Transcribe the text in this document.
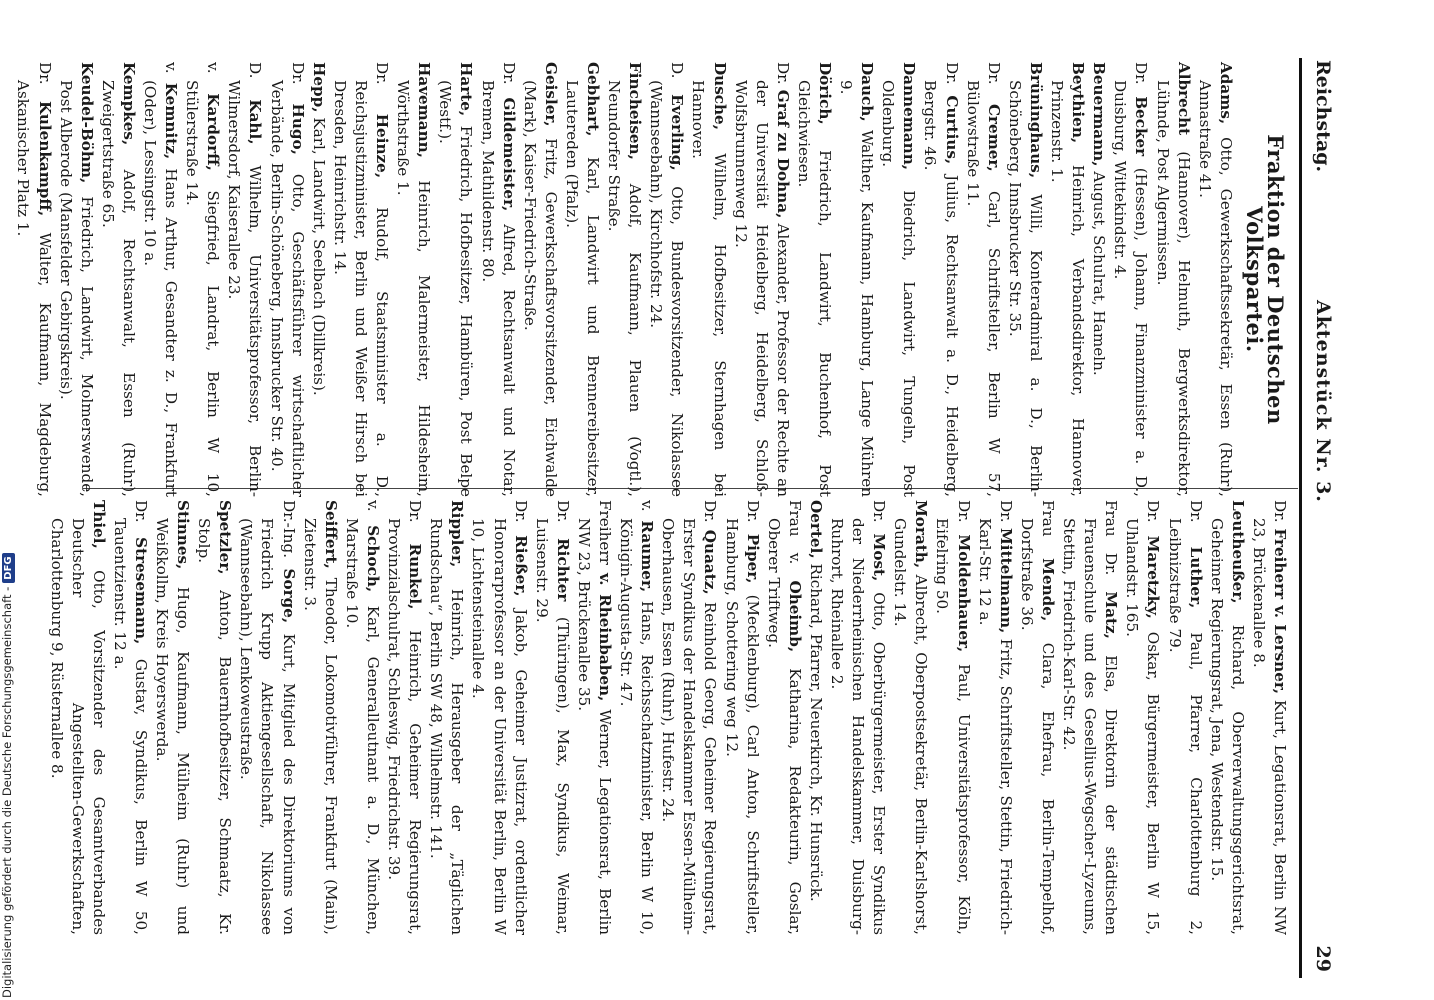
Reichstag.
Aktenstück Nr. 3.
29

Fraktion der Deutschen Volkspartei.

Adams, Otto, Gewerkschaftssekretär, Essen (Ruhr), Annastraße 41.

Albrecht (Hannover), Helmuth, Bergwerksdirektor, Lühnde, Post Algermissen.

Dr. Becker (Hessen), Johann, Finanzminister a. D., Duisburg, Wittekindstr. 4.

Beuermann, August, Schulrat, Hameln.

Beythien, Heinrich, Verbandsdirektor, Hannover, Prinzenstr. 1.

Brüninghaus, Willi, Konteradmiral a. D., Berlin-Schöneberg, Innsbrucker Str. 35.

Dr. Cremer, Carl, Schriftsteller, Berlin W 57, Bülowstraße 11.

Dr. Curtius, Julius, Rechtsanwalt a. D., Heidelberg, Bergstr. 46.

Dannemann, Diedrich, Landwirt, Tungeln, Post Oldenburg.

Dauch, Walther, Kaufmann, Hamburg, Lange Mühren 9.

Dörich, Friedrich, Landwirt, Buchenhof, Post Gleichwiesen.

Dr. Graf zu Dohna, Alexander, Professor der Rechte an der Universität Heidelberg, Heidelberg, Schloß-Wolfsbrunnenweg 12.

Dusche, Wilhelm, Hofbesitzer, Sternhagen bei Hannover.

D. Everling, Otto, Bundesvorsitzender, Nikolassee (Wannseebahn), Kirchhofstr. 24.

Fincheisen, Adolf, Kaufmann, Plauen (Vogtl.), Neundorfer Straße.

Gebhart, Karl, Landwirt und Brennereibesitzer, Lautereden (Pfalz).

Geisler, Fritz, Gewerkschaftsvorsitzender, Eichwalde (Mark), Kaiser-Friedrich-Straße.

Dr. Gildemeister, Alfred, Rechtsanwalt und Notar, Bremen, Mathildenstr. 80.

Harte, Friedrich, Hofbesitzer, Hambüren, Post Belpe (Westf.).

Havemann, Heinrich, Malermeister, Hildesheim, Wörthstraße 1.

Dr. Heinze, Rudolf, Staatsminister a. D., Reichsjustizminister, Berlin und Weißer Hirsch bei Dresden, Heinrichstr. 14.

Hepp, Karl, Landwirt, Seelbach (Dillkreis).

Dr. Hugo, Otto, Geschäftsführer wirtschaftlicher Verbände, Berlin-Schöneberg, Innsbrucker Str. 40.

D. Kahl, Wilhelm, Universitätsprofessor, Berlin-Wilmersdorf, Kaiserallee 23.

v. Kardorff, Siegfried, Landrat, Berlin W 10, Stülerstraße 14.

v. Kemnitz, Hans Arthur, Gesandter z. D., Frankfurt (Oder), Lessingstr. 10 a.

Kempkes, Adolf, Rechtsanwalt, Essen (Ruhr), Zweigertstraße 65.

Keudel-Böhm, Friedrich, Landwirt, Molmerswende, Post Alberode (Mansfelder Gebirgskreis).

Dr. Kulenkampff, Walter, Kaufmann, Magdeburg, Askanischer Platz 1.

Dr. Freiherr v. Lersner, Kurt, Legationsrat, Berlin NW 23, Brückenallee 8.

Leutheußer, Richard, Oberverwaltungsgerichtsrat, Geheimer Regierungsrat, Jena, Westendstr. 15.

Dr. Luther, Paul, Pfarrer, Charlottenburg 2, Leibnizstraße 79.

Dr. Maretzky, Oskar, Bürgermeister, Berlin W 15, Uhlandstr. 165.

Frau Dr. Matz, Elsa, Direktorin der städtischen Frauenschule und des Gesellius-Wegscher-Lyzeums, Stettin, Friedrich-Karl-Str. 42.

Frau Mende, Clara, Ehefrau, Berlin-Tempelhof, Dorfstraße 36.

Dr. Mittelmann, Fritz, Schriftsteller, Stettin, Friedrich-Karl-Str. 12 a.

Dr. Moldenhauer, Paul, Universitätsprofessor, Köln, Eifelring 50.

Morath, Albrecht, Oberpostsekretär, Berlin-Karlshorst, Gundelstr. 14.

Dr. Most, Otto, Oberbürgermeister, Erster Syndikus der Niederrheinischen Handelskammer, Duisburg-Ruhrort, Rheinallee 2.

Oertel, Richard, Pfarrer, Neuerkirch, Kr. Hunsrück.

Frau v. Oheimb, Katharina, Redakteurin, Goslar, Oberer Triftweg.

Dr. Piper, (Mecklenburg), Carl Anton, Schriftsteller, Hamburg, Schottering weg 12.

Dr. Quaatz, Reinhold Georg, Geheimer Regierungsrat, Erster Syndikus der Handelskammer Essen-Mülheim-Oberhausen, Essen (Ruhr), Hufestr. 24.

v. Raumer, Hans, Reichsschatzminister, Berlin W 10, Königin-Augusta-Str. 47.

Freiherr v. Rheinbaben, Werner, Legationsrat, Berlin NW 23, Brückenallee 35.

Dr. Richter (Thüringen), Max, Syndikus, Weimar, Luisenstr. 29.

Dr. Rießer, Jakob, Geheimer Justizrat, ordentlicher Honorarprofessor an der Universität Berlin, Berlin W 10, Lichtensteinallee 4.

Rippler, Heinrich, Herausgeber der „Täglichen Rundschau“, Berlin SW 48, Wilhelmstr. 141.

Dr. Runkel, Heinrich, Geheimer Regierungsrat, Provinzialschulrat, Schleswig, Friedrichstr. 39.

v. Schoch, Karl, Generalleutnant a. D., München, Marstraße 10.

Seiffert, Theodor, Lokomotivführer, Frankfurt (Main), Zietenstr. 3.

Dr.-Ing. Sorge, Kurt, Mitglied des Direktoriums von Friedrich Krupp Aktiengesellschaft, Nikolassee (Wannseebahn), Lenkoweustraße.

Spetzler, Anton, Bauernhofbesitzer, Schmaatz, Kr. Stolp.

Stinnes, Hugo, Kaufmann, Mülheim (Ruhr) und Weißkollm, Kreis Hoyerswerda.

Dr. Stresemann, Gustav, Syndikus, Berlin W 50, Tauentzienstr. 12 a.

Thiel, Otto, Vorsitzender des Gesamtverbandes Deutscher Angestellten-Gewerkschaften, Charlottenburg 9, Rüsternallee 8.

Digitalisierung gefördert durch die Deutsche Forschungsgemeinschaft -DFG
